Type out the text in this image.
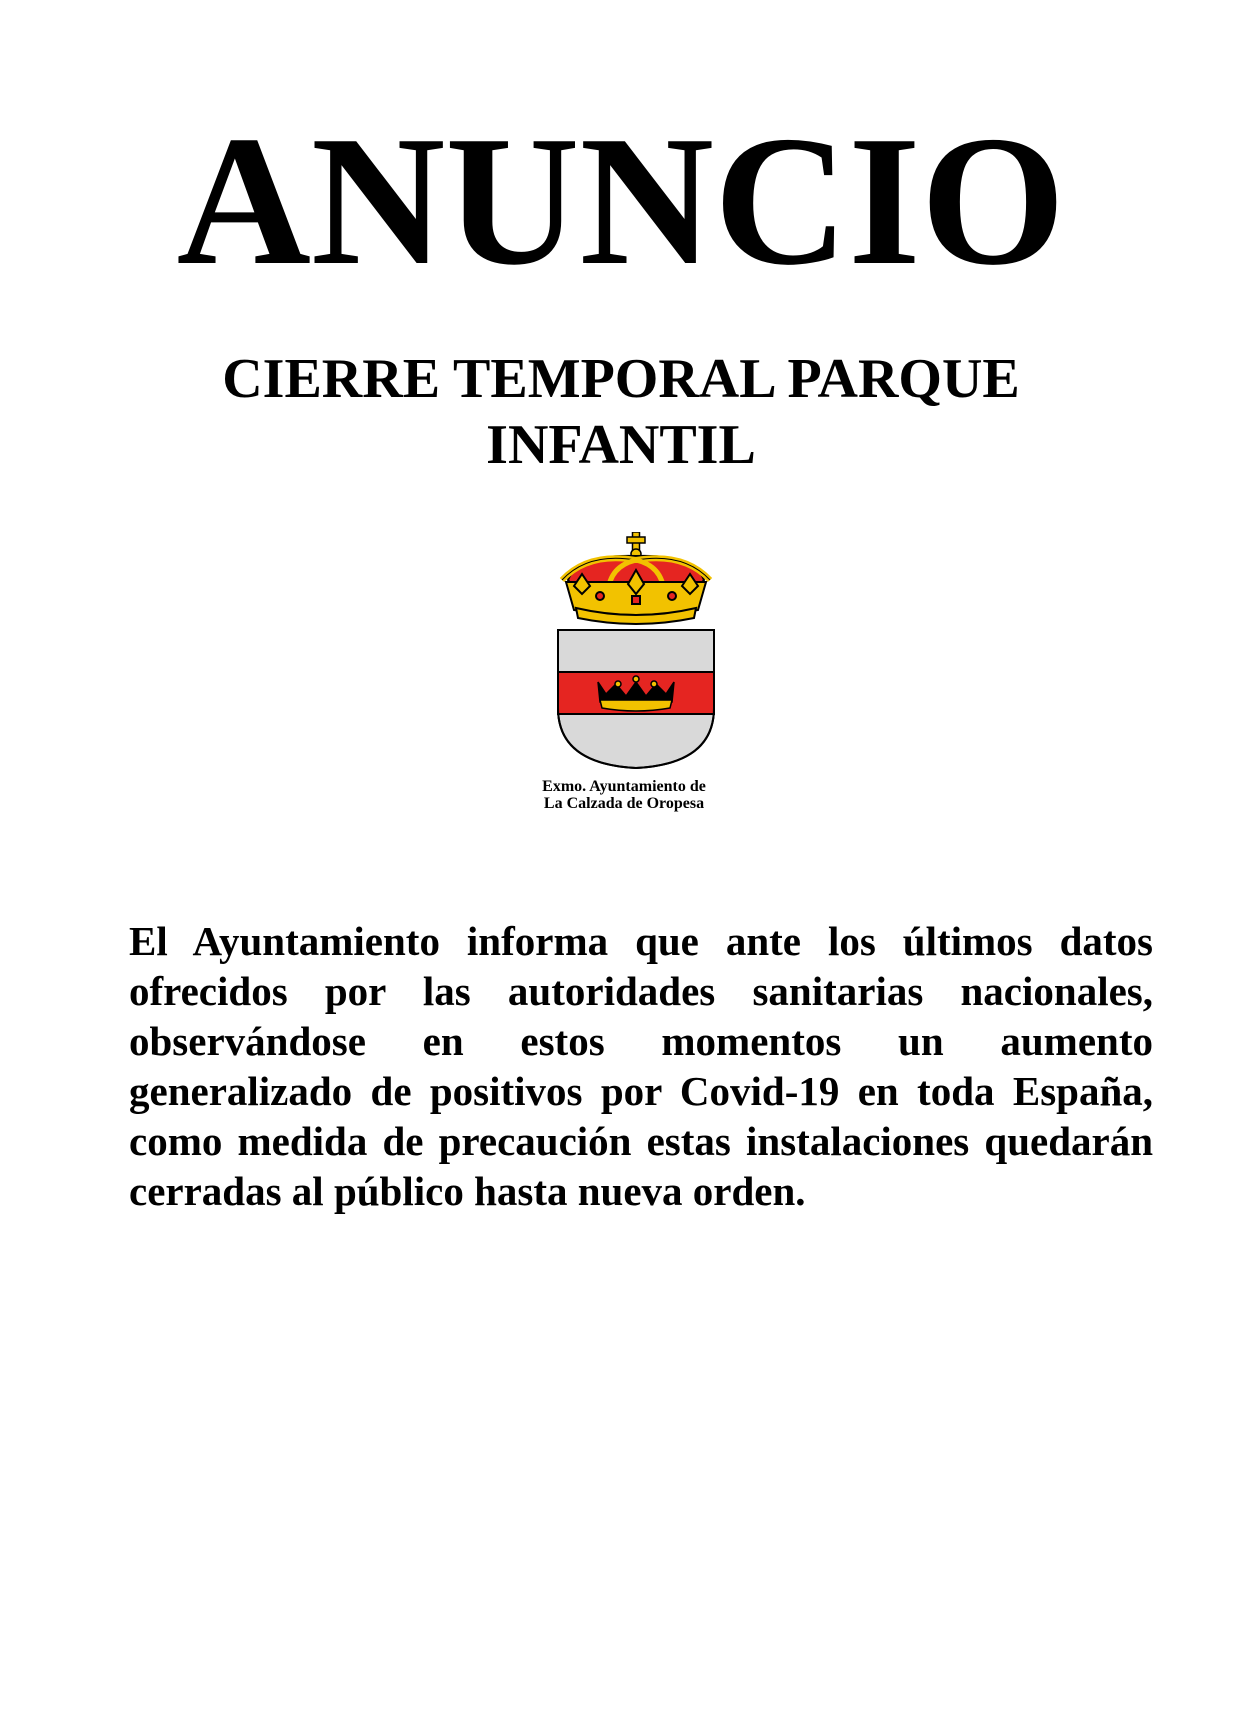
ANUNCIO
CIERRE TEMPORAL PARQUE
INFANTIL
Exmo. Ayuntamiento de
La Calzada de Oropesa

El Ayuntamiento informa que ante los últimos datos ofrecidos por las autoridades sanitarias nacionales, observándose en estos momentos un aumento generalizado de positivos por Covid-19 en toda España, como medida de precaución estas instalaciones quedarán cerradas al público hasta nueva orden.
